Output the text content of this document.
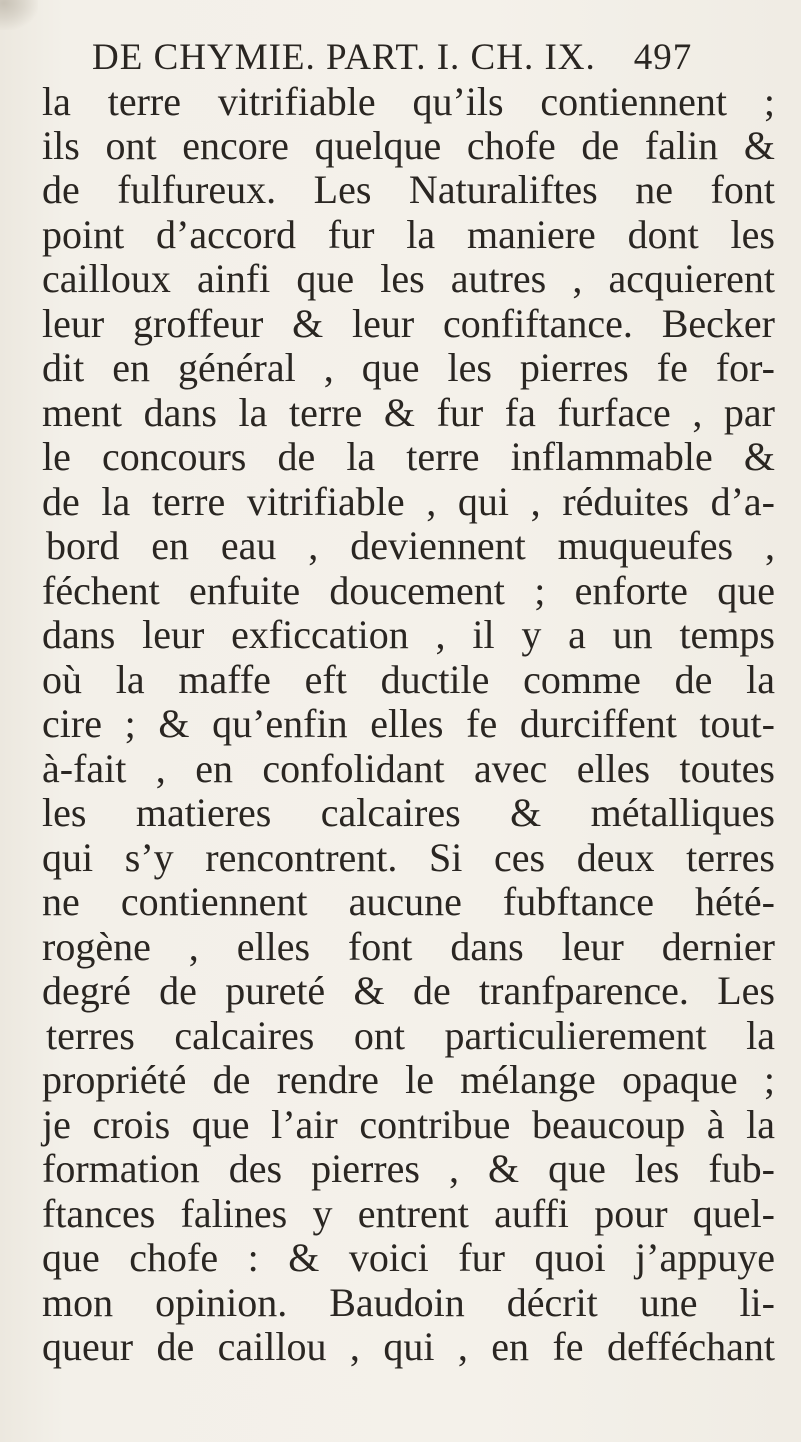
DE CHYMIE. PART. I. CH. IX. 497
la terre vitrifiable qu’ils contiennent ;
ils ont encore quelque chofe de falin &
de fulfureux. Les Naturaliftes ne font
point d’accord fur la maniere dont les
cailloux ainfi que les autres , acquierent
leur groffeur & leur confiftance. Becker
dit en général , que les pierres fe for-
ment dans la terre & fur fa furface , par
le concours de la terre inflammable &
de la terre vitrifiable , qui , réduites d’a-
bord en eau , deviennent muqueufes ,
féchent enfuite doucement ; enforte que
dans leur exficcation , il y a un temps
où la maffe eft ductile comme de la
cire ; & qu’enfin elles fe durciffent tout-
à-fait , en confolidant avec elles toutes
les matieres calcaires & métalliques
qui s’y rencontrent. Si ces deux terres
ne contiennent aucune fubftance hété-
rogène , elles font dans leur dernier
degré de pureté & de tranfparence. Les
terres calcaires ont particulierement la
propriété de rendre le mélange opaque ;
je crois que l’air contribue beaucoup à la
formation des pierres , & que les fub-
ftances falines y entrent auffi pour quel-
que chofe : & voici fur quoi j’appuye
mon opinion. Baudoin décrit une li-
queur de caillou , qui , en fe defféchant
